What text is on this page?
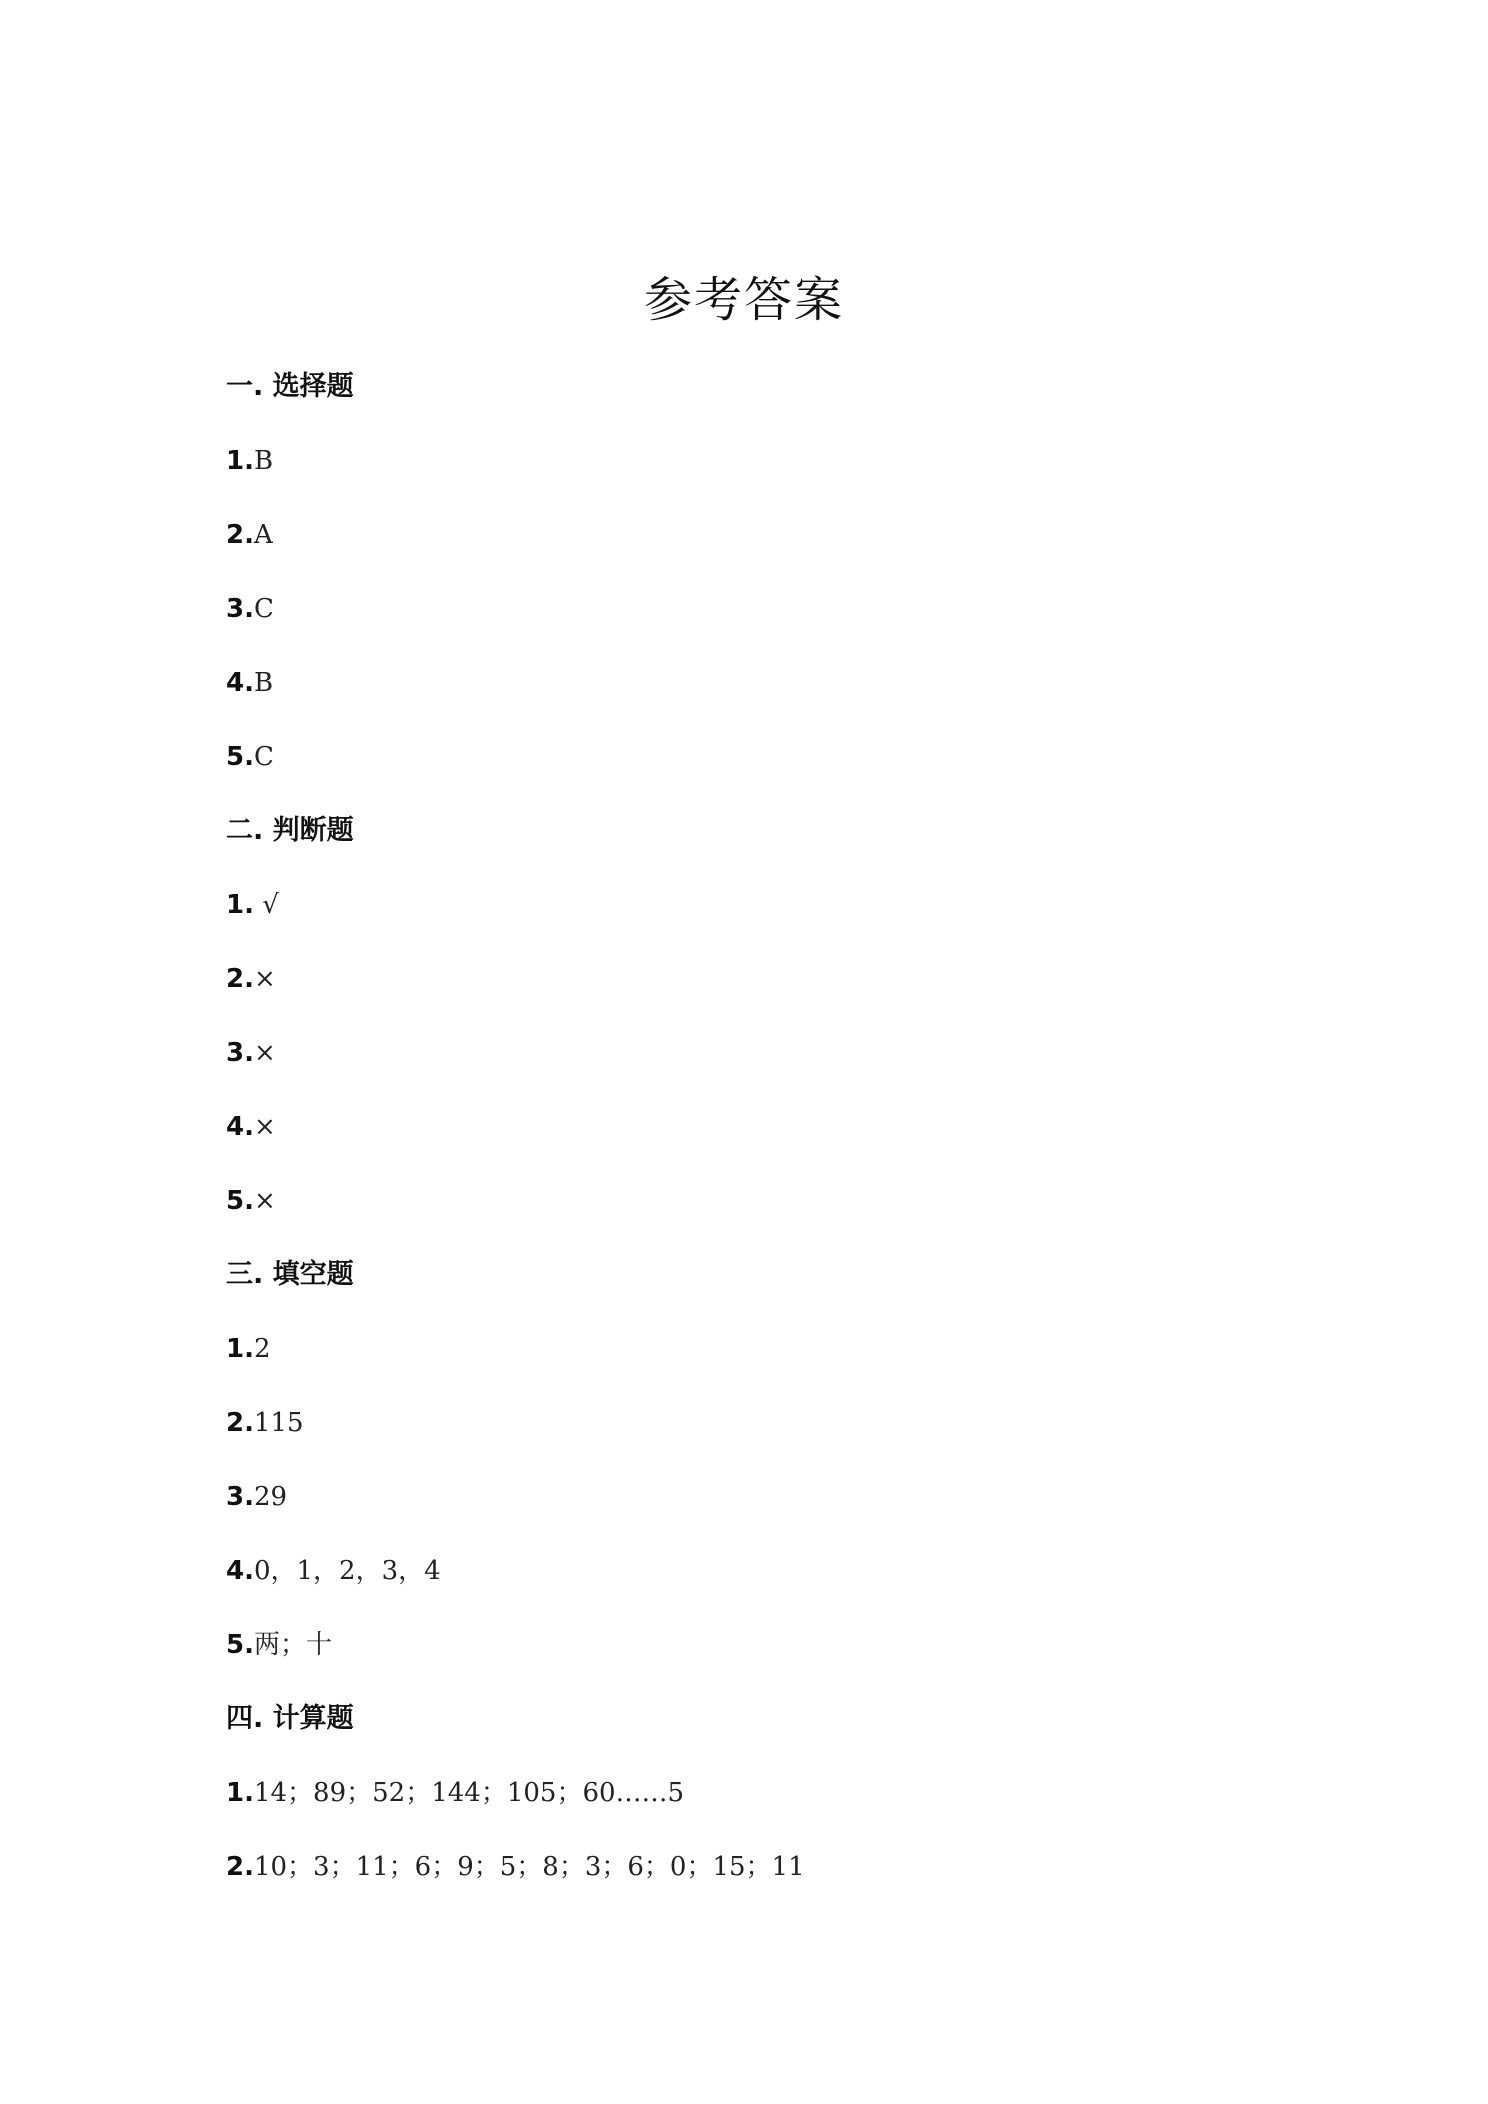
参考答案
一. 选择题
1.B
2.A
3.C
4.B
5.C
二. 判断题
1. √
2.×
3.×
4.×
5.×
三. 填空题
1.2
2.115
3.29
4.0，1，2，3，4
5.两；十
四. 计算题
1.14；89；52；144；105；60……5
2.10；3；11；6；9；5；8；3；6；0；15；11
